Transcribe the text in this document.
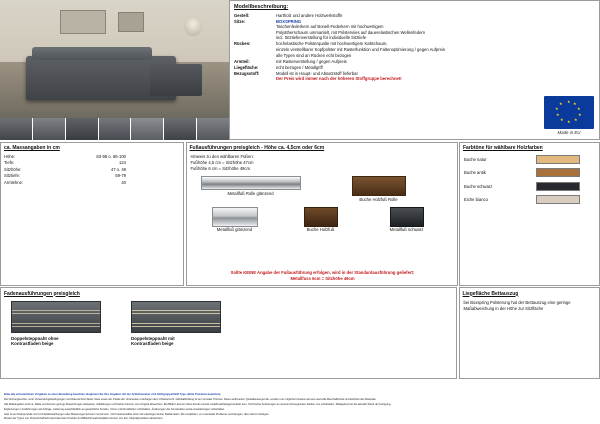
Modellbeschreibung:
Gestell:	Hartholz und andere Holzwerkstoffe
Sitze:	BOXSPRING
Taschenfederkern auf Bonell-Federkern mit hochwertigem
Polyätherschaum ummantelt, mit Polsterviies auf dauerelastischen Wellenfedern
incl. Sitztiefenverstellung für individuelle Sitztiefe
Rücken:	hochelastische Polsterqualte mit hochwertigem Kaltschaum,
einzeln verstellbarer Kopfpolster mit Rasterfunktion und Faltenoptimierung / gegen Aufpreis
alle Typen sind an Rücken echt bezogen
Armteil:	mit Rasterverstellung / gegen Aufpreis
Liegefläche:	echt bezogen / Metallgriff
Bezugsstoff:	Modell ist in Haupt- und Absatzstoff lieferbar
Der Preis wird immer nach der höheren Stoffgruppe berechnet!
★ ★
★
★
★
★
★
★
★
★
Made in EU
ca. Massangaben in cm
Höhe:	83-98 o. 85-100
Tiefe:	124
Sitzhöhe:	47 o. 49
Sitztiefe:	59-79
Armlehne:	40
Fußausführungen preisgleich - Höhe ca. 4,5cm oder 6cm
Hinweis zu den wählbaren Füßen:
Fußhöhe 4,5 cm = Sitzhöhe 47cm
Fußhöhe 6 cm = Sitzhöhe 49cm
Metallfuß Rolle glänzend
Buche Holzfuß Rolle
Metallfuß glänzend	Buche Holzfuß	Metallfuß schwarz
Sollte KEINE Angabe der Fußausführung erfolgen, wird in der Standardausführung geliefert:
Metallfuss 6cm = Sitzhöhe 49cm
Farbtöne für wählbare Holzfarben
Buche natur
Buche antik
Buche schwarz
Eiche bianco
Fadenausführungen preisgleich
Doppelsteppnaht ohne
Kontrastfaden beige
Doppelsteppnaht mit
Kontrastfaden beige
Liegefläche Bettauszug
bei Boxspring Polsterung hat der Bettauszug eine geringe Maßabweichung in der Höhe zur Sitzfläche
Bitte alle erforderlichen Vorgaben zu einer Bestellung beachten. Beginnen Sie Ihre Angaben mit der Artikelnummer und Stoffgruppe/Stoff Type. (Bitte Preisliste beachten)

Die Nutzungsrechte, unter Verwendungsbedingungen und Datenschutz dieser Seite sowie der Inhalte der Unterseiten unterliegen dem Urheberrecht. Fabrikabbildung ist ein normaler Prozess. Diese stellt keinen Qualitätsmangel dar, sondern ein möglicher Hinweis auf eine wertvolle Beschaffenheit und Echtheit des Materials.

Alle Maßangaben sind ca. Maße und können geringe Abweichungen aufweisen. Abbildungen und Farben können vom Original abweichen. Bei Bildern können Sitze bereits einmal modellunabhängig bestückt sein. Technische Änderungen an unseren Erzeugnissen bleiben uns vorbehalten. Maßgebend ist die aktuelle Stand der Fertigung.

Ergänzungen / Ausführungen auf Anfrage. Lieferung ausschließlich an gewerbliche Kunden. Irrtum und Druckfehler vorbehalten. Änderungen der Konstruktion sowie Ausstattungen vorbehalten.

Holz ist ein Naturprodukt und mit Farbabweichungen oder Maserungen können normal sein, nicht beanstandbar sind und unterliegen keiner Reklamation. Wir empfehlen, um eventuelle Probleme vorzubeugen, dies statt zu befolgen.

Muster der Typen von Preisschritt/Fachmerkmale beim Produkt und Bildschirmarbeitsplätze können von den Originalprodukten abweichen.
